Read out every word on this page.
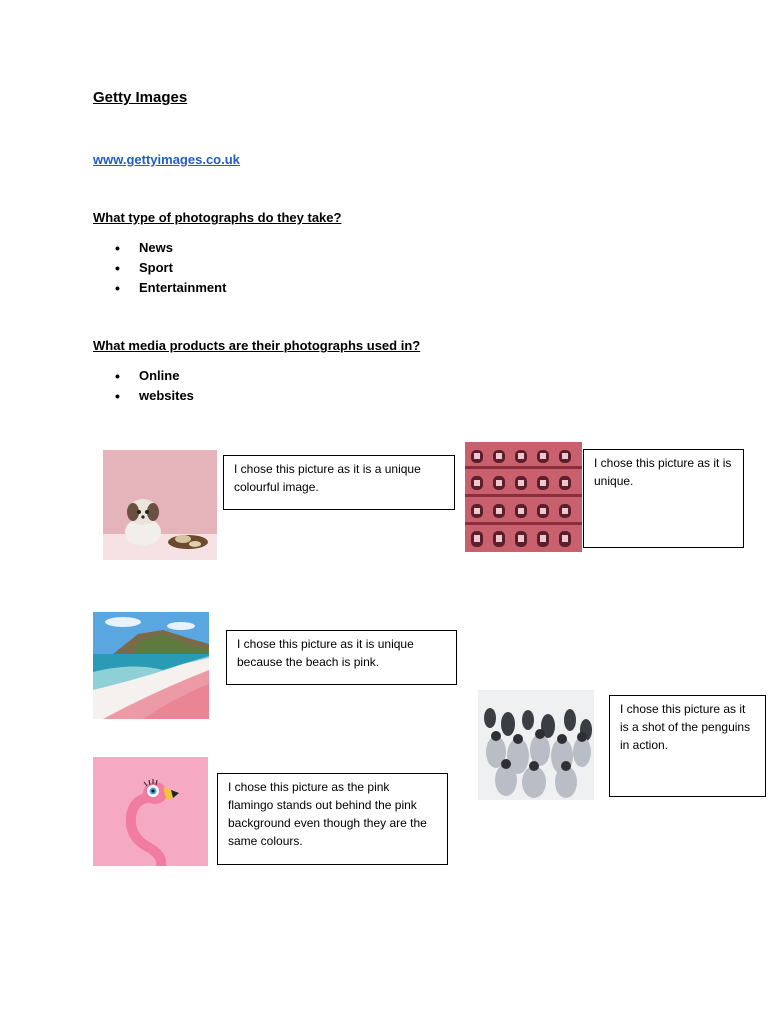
Getty Images
www.gettyimages.co.uk
What type of photographs do they take?
• News
• Sport
• Entertainment
What media products are their photographs used in?
• Online
• websites
I chose this picture as it is a unique colourful image.
I chose this picture as it is unique.
I chose this picture as it is unique because the beach is pink.
I chose this picture as it is a shot of the penguins in action.
I chose this picture as the pink flamingo stands out behind the pink background even though they are the same colours.
